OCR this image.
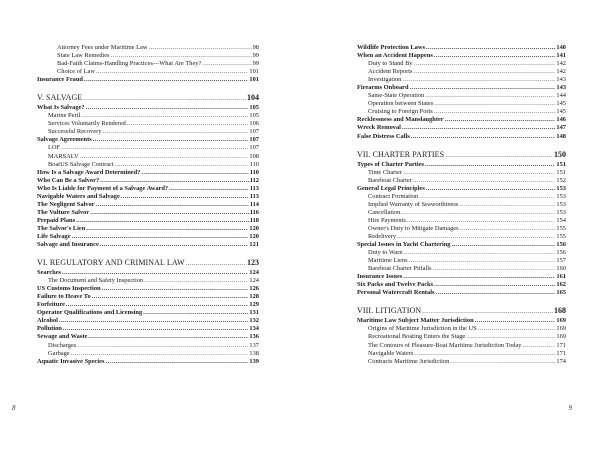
Attorney Fees under Maritime Law . . .	98
State Law Remedies . . .	99
Bad-Faith Claims-Handling Practices—What Are They? . . .	99
Choice of Law . . .	101
Insurance Fraud . . .	101
V. SALVAGE . . .	104
What Is Salvage? . . .	105
Marine Peril . . .	105
Services Voluntarily Rendered . . .	106
Successful Recovery . . .	107
Salvage Agreements . . .	107
LOF . . .	107
MARSALV . . .	108
BoatUS Salvage Contract . . .	110
How Is a Salvage Award Determined? . . .	110
Who Can Be a Salvor? . . .	112
Who Is Liable for Payment of a Salvage Award? . . .	113
Navigable Waters and Salvage . . .	113
The Negligent Salvor . . .	114
The Vulture Salvor . . .	116
Prepaid Plans . . .	118
The Salvor's Lien . . .	120
Life Salvage . . .	120
Salvage and Insurance . . .	121
VI. REGULATORY AND CRIMINAL LAW . . .	123
Searches . . .	124
The Document and Safety Inspection . . .	124
US Customs Inspection . . .	126
Failure to Heave To . . .	128
Forfeiture . . .	129
Operator Qualifications and Licensing . . .	131
Alcohol . . .	132
Pollution . . .	134
Sewage and Waste . . .	136
Discharges . . .	137
Garbage . . .	138
Aquatic Invasive Species . . .	139
8
Wildlife Protection Laws . . .	140
When an Accident Happens . . .	141
Duty to Stand By . . .	142
Accident Reports . . .	142
Investigation . . .	143
Firearms Onboard . . .	143
Same-State Operation . . .	144
Operation between States . . .	145
Cruising to Foreign Ports . . .	145
Recklessness and Manslaughter . . .	146
Wreck Removal . . .	147
False Distress Calls . . .	148
VII. CHARTER PARTIES . . .	150
Types of Charter Parties . . .	151
Time Charter . . .	151
Bareboat Charter . . .	152
General Legal Principles . . .	153
Contract Formation . . .	153
Implied Warranty of Seaworthiness . . .	153
Cancellation . . .	153
Hire Payments . . .	154
Owner's Duty to Mitigate Damages . . .	155
Redelivery . . .	155
Special Issues in Yacht Chartering . . .	156
Duty to Warn . . .	156
Maritime Liens . . .	157
Bareboat Charter Pitfalls . . .	160
Insurance Issues . . .	161
Six Packs and Twelve Packs . . .	162
Personal Watercraft Rentals . . .	165
VIII. LITIGATION . . .	168
Maritime Law Subject Matter Jurisdiction . . .	169
Origins of Maritime Jurisdiction in the US . . .	169
Recreational Boating Enters the Stage . . .	169
The Contours of Pleasure-Boat Maritime Jurisdiction Today . . .	171
Navigable Waters . . .	171
Contracts Maritime Jurisdiction . . .	174
9
